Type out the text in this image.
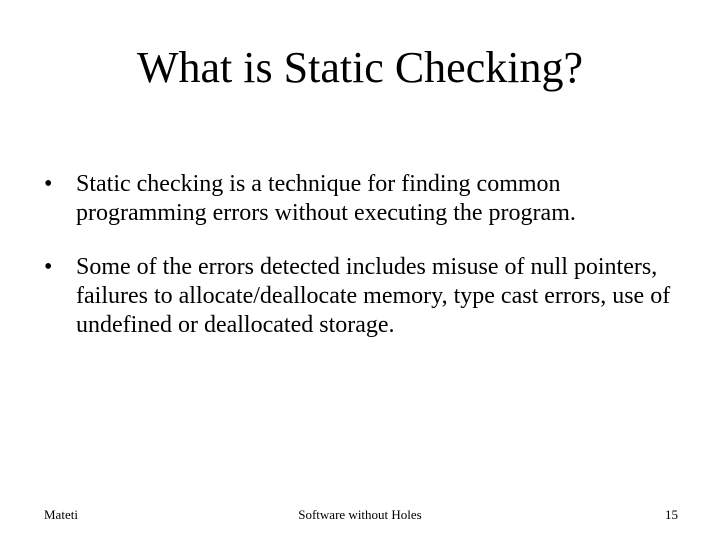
What is Static Checking?
• Static checking is a technique for finding common programming errors without executing the program.
• Some of the errors detected includes misuse of null pointers, failures to allocate/deallocate memory, type cast errors, use of undefined or deallocated storage.
Mateti	Software without Holes	15
